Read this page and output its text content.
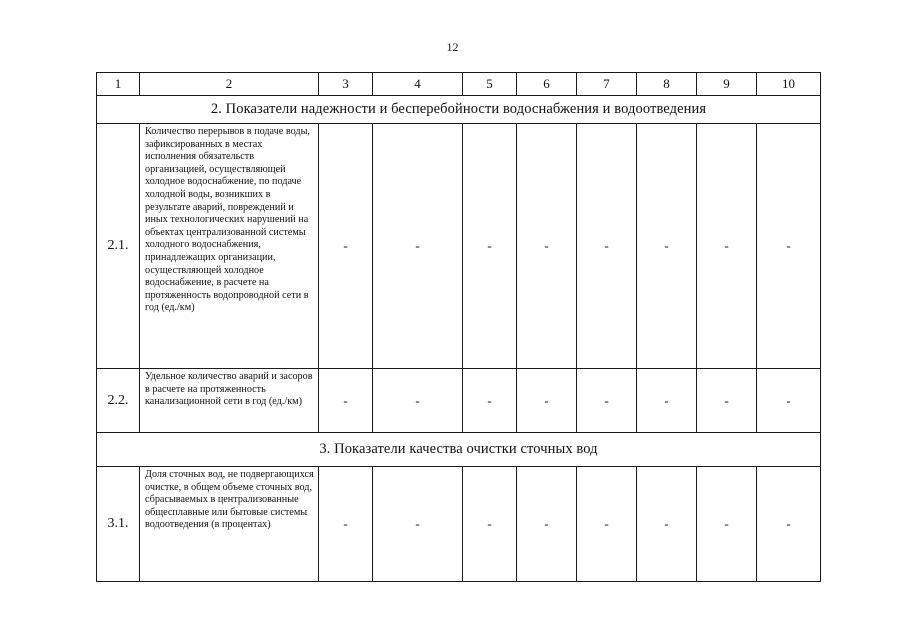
12
1	2	3	4	5	6	7	8	9	10
2. Показатели надежности и бесперебойности водоснабжения и водоотведения									
2.1.	Количество перерывов в подаче воды, зафиксированных в местах исполнения обязательств организацией, осуществляющей холодное водоснабжение, по подаче холодной воды, возникших в результате аварий, повреждений и иных технологических нарушений на объектах централизованной системы холодного водоснабжения, принадлежащих организации, осуществляющей холодное водоснабжение, в расчете на протяженность водопроводной сети в год (ед./км)	-	-	-	-	-	-	-	-
2.2.	Удельное количество аварий и засоров в расчете на протяженность канализационной сети в год (ед./км)	-	-	-	-	-	-	-	-
3. Показатели качества очистки сточных вод									
3.1.	Доля сточных вод, не подвергающихся очистке, в общем объеме сточных вод, сбрасываемых в централизованные общесплавные или бытовые системы водоотведения (в процентах)	-	-	-	-	-	-	-	-
